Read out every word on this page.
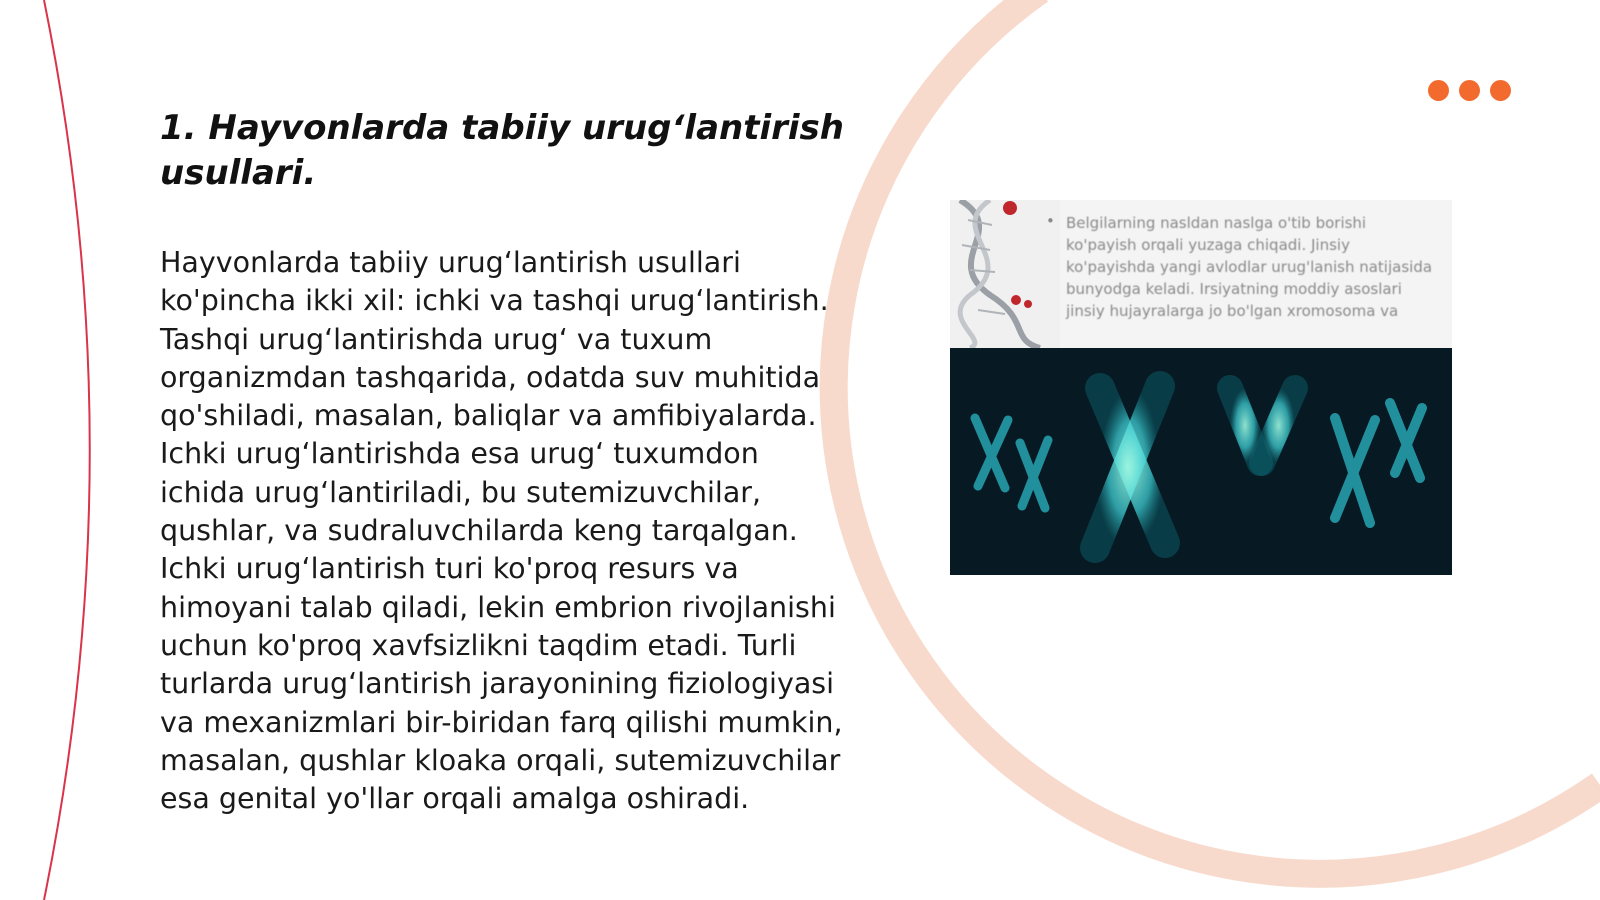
1. Hayvonlarda tabiiy urug‘lantirish usullari.

Hayvonlarda tabiiy urug‘lantirish usullari ko'pincha ikki xil: ichki va tashqi urug‘lantirish. Tashqi urug‘lantirishda urug‘ va tuxum organizmdan tashqarida, odatda suv muhitida qo'shiladi, masalan, baliqlar va amfibiyalarda. Ichki urug‘lantirishda esa urug‘ tuxumdon ichida urug‘lantiriladi, bu sutemizuvchilar, qushlar, va sudraluvchilarda keng tarqalgan. Ichki urug‘lantirish turi ko'proq resurs va himoyani talab qiladi, lekin embrion rivojlanishi uchun ko'proq xavfsizlikni taqdim etadi. Turli turlarda urug‘lantirish jarayonining fiziologiyasi va mexanizmlari bir-biridan farq qilishi mumkin, masalan, qushlar kloaka orqali, sutemizuvchilar esa genital yo'llar orqali amalga oshiradi.

• Belgilarning nasldan naslga o'tib borishi ko'payish orqali yuzaga chiqadi. Jinsiy ko'payishda yangi avlodlar urug'lanish natijasida bunyodga keladi. Irsiyatning moddiy asoslari jinsiy hujayralarga jo bo'lgan xromosoma va
